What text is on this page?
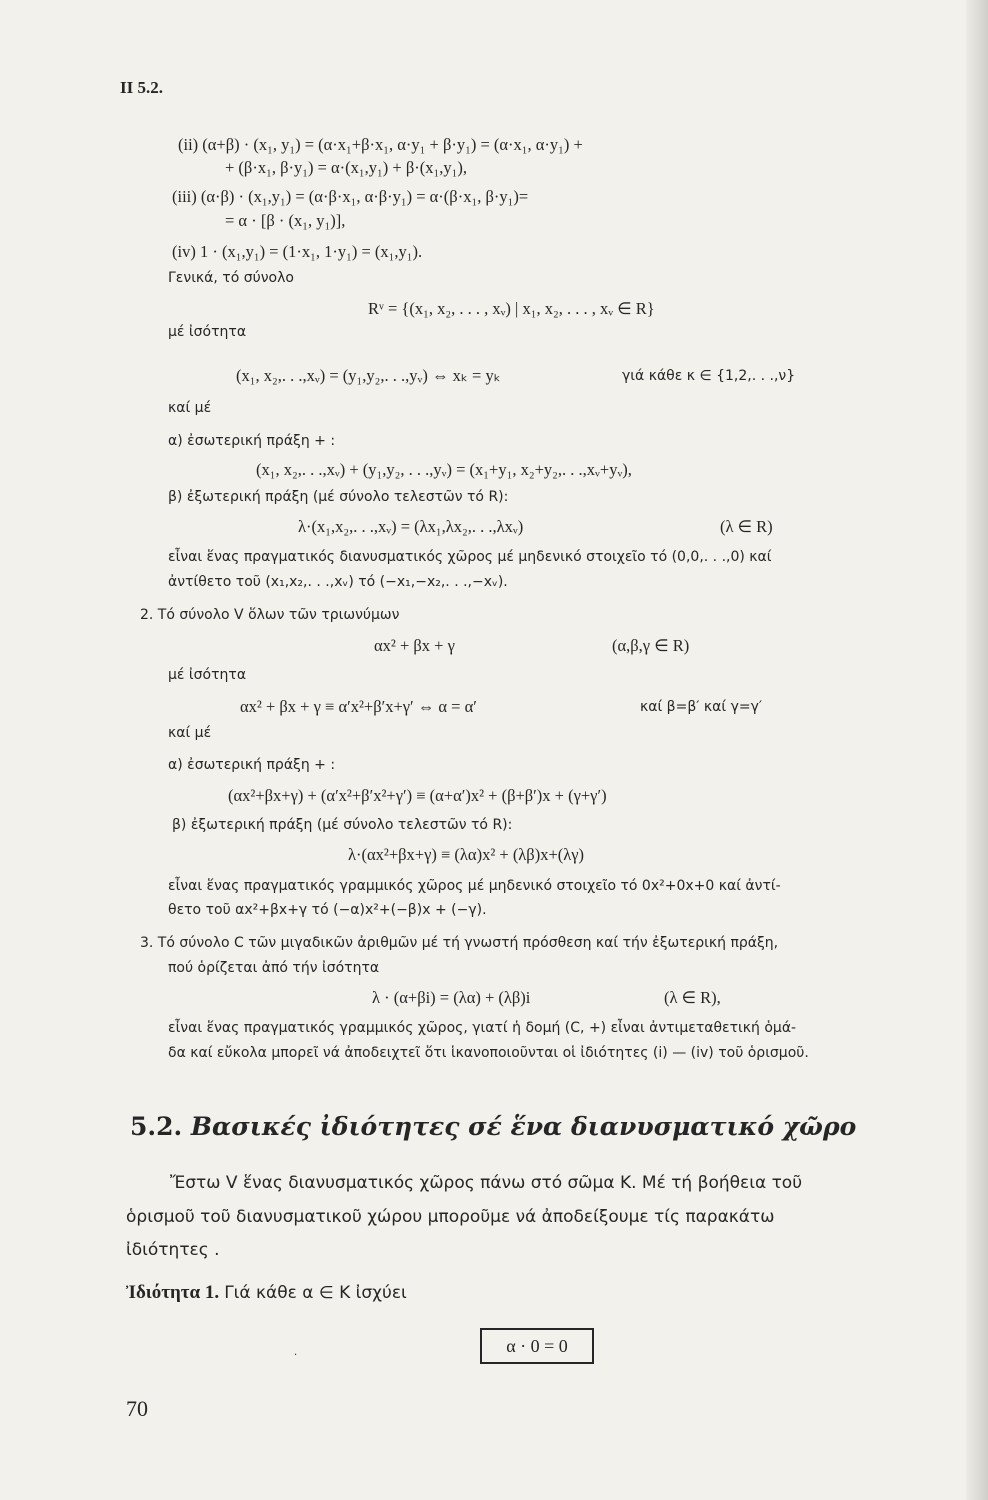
II 5.2.
(ii) (α+β) · (x₁, y₁) = (α·x₁+β·x₁, α·y₁ + β·y₁) = (α·x₁, α·y₁) +
+ (β·x₁, β·y₁) = α·(x₁,y₁) + β·(x₁,y₁),
(iii) (α·β) · (x₁,y₁) = (α·β·x₁, α·β·y₁) = α·(β·x₁, β·y₁)=
= α · [β · (x₁, y₁)],
(iv) 1 · (x₁,y₁) = (1·x₁, 1·y₁) = (x₁,y₁).
Γενικά, τό σύνολο
Rᵛ = {(x₁, x₂, . . . , xᵥ) | x₁, x₂, . . . , xᵥ ∈ R}
μέ ἰσότητα
(x₁, x₂,. . .,xᵥ) = (y₁,y₂,. . .,yᵥ) ⇔ xₖ = yₖ	γιά κάθε κ ∈ {1,2,. . .,ν}
καί μέ
α) ἐσωτερική πράξη + :
(x₁, x₂,. . .,xᵥ) + (y₁,y₂, . . .,yᵥ) = (x₁+y₁, x₂+y₂,. . .,xᵥ+yᵥ),
β) ἐξωτερική πράξη (μέ σύνολο τελεστῶν τό R):
λ·(x₁,x₂,. . .,xᵥ) = (λx₁,λx₂,. . .,λxᵥ)	(λ ∈ R)
εἶναι ἕνας πραγματικός διανυσματικός χῶρος μέ μηδενικό στοιχεῖο τό (0,0,. . .,0) καί
ἀντίθετο τοῦ (x₁,x₂,. . .,xᵥ) τό (−x₁,−x₂,. . .,−xᵥ).
2. Τό σύνολο V ὅλων τῶν τριωνύμων
αx² + βx + γ	(α,β,γ ∈ R)
μέ ἰσότητα
αx² + βx + γ ≡ α′x²+β′x+γ′ ⇔ α = α′	καί β=β′ καί γ=γ′
καί μέ
α) ἐσωτερική πράξη + :
(αx²+βx+γ) + (α′x²+β′x²+γ′) ≡ (α+α′)x² + (β+β′)x + (γ+γ′)
β) ἐξωτερική πράξη (μέ σύνολο τελεστῶν τό R):
λ·(αx²+βx+γ) ≡ (λα)x² + (λβ)x+(λγ)
εἶναι ἕνας πραγματικός γραμμικός χῶρος μέ μηδενικό στοιχεῖο τό 0x²+0x+0 καί ἀντί-
θετο τοῦ αx²+βx+γ τό (−α)x²+(−β)x + (−γ).
3. Τό σύνολο C τῶν μιγαδικῶν ἀριθμῶν μέ τή γνωστή πρόσθεση καί τήν ἐξωτερική πράξη,
πού ὁρίζεται ἀπό τήν ἰσότητα
λ · (α+βi) = (λα) + (λβ)i	(λ ∈ R),
εἶναι ἕνας πραγματικός γραμμικός χῶρος, γιατί ἡ δομή (C, +) εἶναι ἀντιμεταθετική ὁμά-
δα καί εὔκολα μπορεῖ νά ἀποδειχτεῖ ὅτι ἱκανοποιοῦνται οἱ ἰδιότητες (i) — (iv) τοῦ ὁρισμοῦ.
5.2. Βασικές ἰδιότητες σέ ἕνα διανυσματικό χῶρο
Ἔστω V ἕνας διανυσματικός χῶρος πάνω στό σῶμα Κ. Μέ τή βοήθεια τοῦ
ὁρισμοῦ τοῦ διανυσματικοῦ χώρου μποροῦμε νά ἀποδείξουμε τίς παρακάτω
ἰδιότητες .
Ἰδιότητα 1. Γιά κάθε α ∈ Κ ἰσχύει
·	α · 0 = 0
70
